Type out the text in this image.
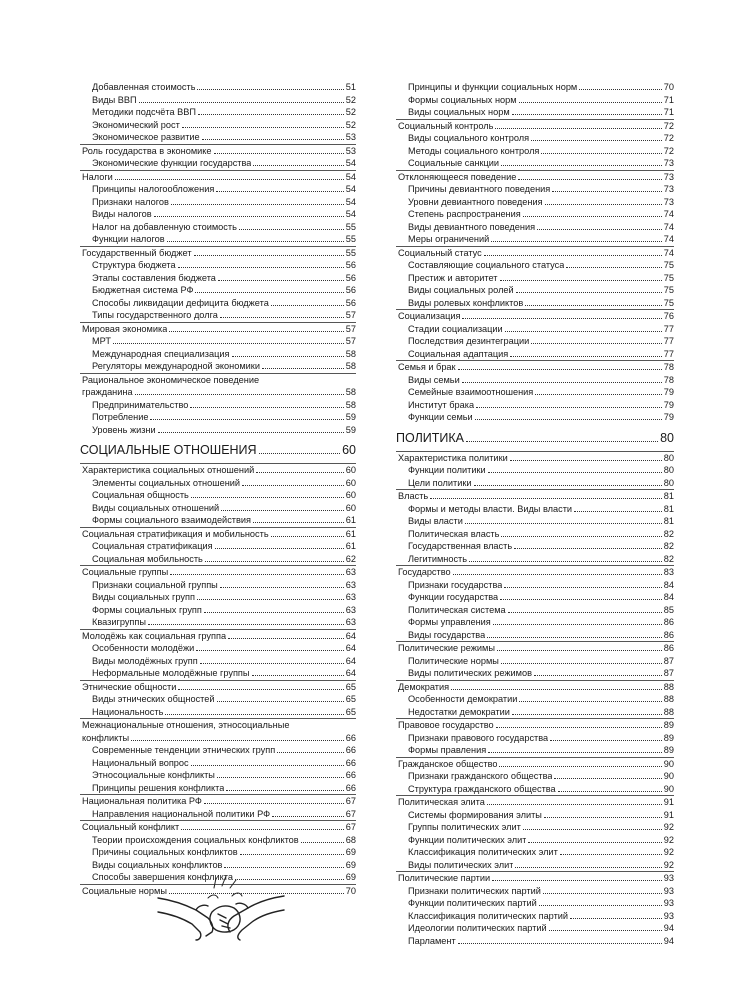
Добавленная стоимость	51
Виды ВВП	52
Методики подсчёта ВВП	52
Экономический рост	52
Экономическое развитие	53
Роль государства в экономике	53
Экономические функции государства	54
Налоги	54
Принципы налогообложения	54
Признаки налогов	54
Виды налогов	54
Налог на добавленную стоимость	55
Функции налогов	55
Государственный бюджет	55
Структура бюджета	56
Этапы составления бюджета	56
Бюджетная система РФ	56
Способы ликвидации дефицита бюджета	56
Типы государственного долга	57
Мировая экономика	57
МРТ	57
Международная специализация	58
Регуляторы международной экономики	58
Рациональное экономическое поведение
гражданина	58
Предпринимательство	58
Потребление	59
Уровень жизни	59
СОЦИАЛЬНЫЕ ОТНОШЕНИЯ	60
Характеристика социальных отношений	60
Элементы социальных отношений	60
Социальная общность	60
Виды социальных отношений	60
Формы социального взаимодействия	61
Социальная стратификация и мобильность	61
Социальная стратификация	61
Социальная мобильность	62
Социальные группы	63
Признаки социальной группы	63
Виды социальных групп	63
Формы социальных групп	63
Квазигруппы	63
Молодёжь как социальная группа	64
Особенности молодёжи	64
Виды молодёжных групп	64
Неформальные молодёжные группы	64
Этнические общности	65
Виды этнических общностей	65
Национальность	65
Межнациональные отношения, этносоциальные
конфликты	66
Современные тенденции этнических групп	66
Национальный вопрос	66
Этносоциальные конфликты	66
Принципы решения конфликта	66
Национальная политика РФ	67
Направления национальной политики РФ	67
Социальный конфликт	67
Теории происхождения социальных конфликтов	68
Причины социальных конфликтов	69
Виды социальных конфликтов	69
Способы завершения конфликта	69
Социальные нормы	70
Принципы и функции социальных норм	70
Формы социальных норм	71
Виды социальных норм	71
Социальный контроль	72
Виды социального контроля	72
Методы социального контроля	72
Социальные санкции	73
Отклоняющееся поведение	73
Причины девиантного поведения	73
Уровни девиантного поведения	73
Степень распространения	74
Виды девиантного поведения	74
Меры ограничений	74
Социальный статус	74
Составляющие социального статуса	75
Престиж и авторитет	75
Виды социальных ролей	75
Виды ролевых конфликтов	75
Социализация	76
Стадии социализации	77
Последствия дезинтеграции	77
Социальная адаптация	77
Семья и брак	78
Виды семьи	78
Семейные взаимоотношения	79
Институт брака	79
Функции семьи	79
ПОЛИТИКА	80
Характеристика политики	80
Функции политики	80
Цели политики	80
Власть	81
Формы и методы власти. Виды власти	81
Виды власти	81
Политическая власть	82
Государственная власть	82
Легитимность	82
Государство	83
Признаки государства	84
Функции государства	84
Политическая система	85
Формы управления	86
Виды государства	86
Политические режимы	86
Политические нормы	87
Виды политических режимов	87
Демократия	88
Особенности демократии	88
Недостатки демократии	88
Правовое государство	89
Признаки правового государства	89
Формы правления	89
Гражданское общество	90
Признаки гражданского общества	90
Структура гражданского общества	90
Политическая элита	91
Системы формирования элиты	91
Группы политических элит	92
Функции политических элит	92
Классификация политических элит	92
Виды политических элит	92
Политические партии	93
Признаки политических партий	93
Функции политических партий	93
Классификация политических партий	93
Идеологии политических партий	94
Парламент	94
